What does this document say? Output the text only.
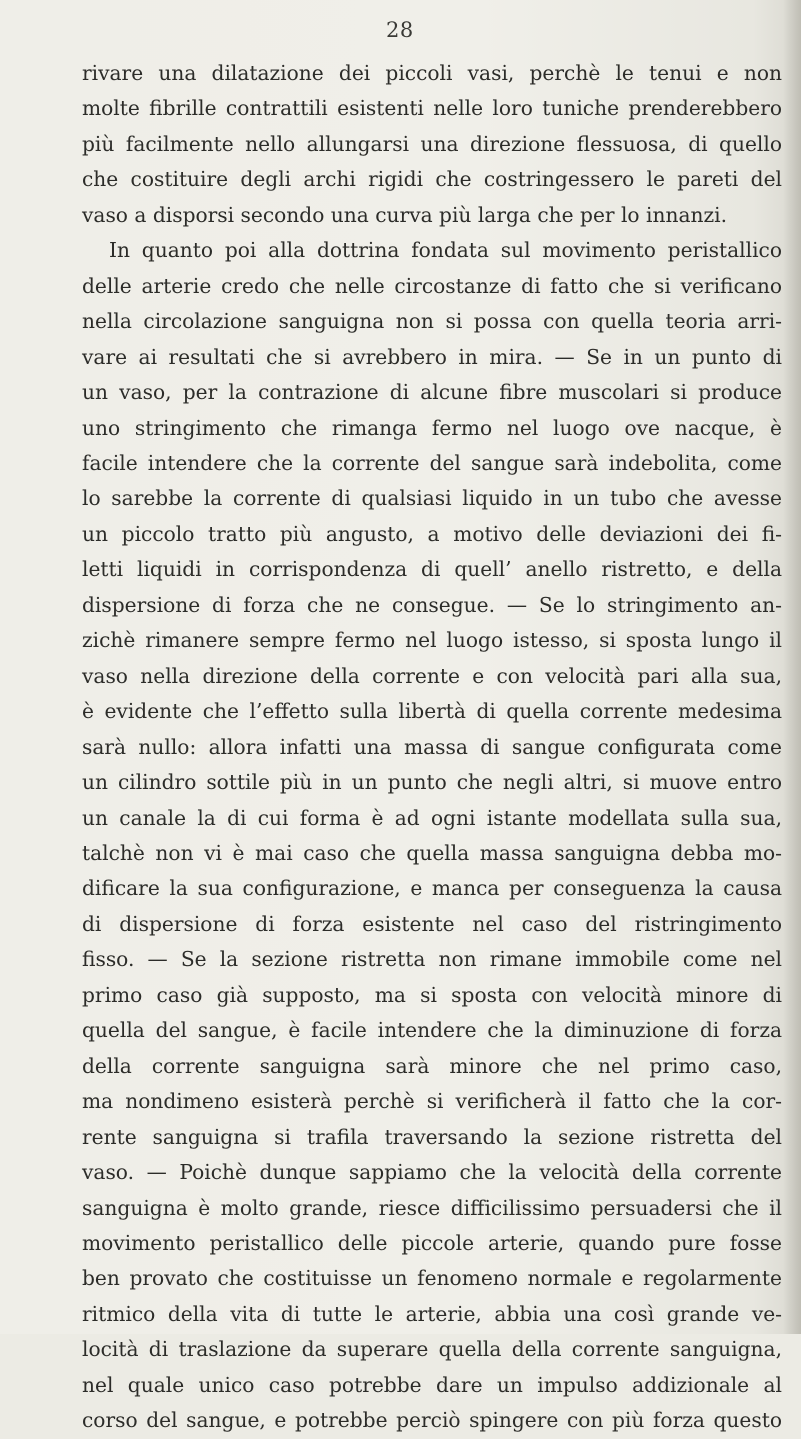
28
rivare una dilatazione dei piccoli vasi, perchè le tenui e non
molte fibrille contrattili esistenti nelle loro tuniche prenderebbero
più facilmente nello allungarsi una direzione flessuosa, di quello
che costituire degli archi rigidi che costringessero le pareti del
vaso a disporsi secondo una curva più larga che per lo innanzi.
In quanto poi alla dottrina fondata sul movimento peristallico
delle arterie credo che nelle circostanze di fatto che si verificano
nella circolazione sanguigna non si possa con quella teoria arri-
vare ai resultati che si avrebbero in mira. — Se in un punto di
un vaso, per la contrazione di alcune fibre muscolari si produce
uno stringimento che rimanga fermo nel luogo ove nacque, è
facile intendere che la corrente del sangue sarà indebolita, come
lo sarebbe la corrente di qualsiasi liquido in un tubo che avesse
un piccolo tratto più angusto, a motivo delle deviazioni dei fi-
letti liquidi in corrispondenza di quell’ anello ristretto, e della
dispersione di forza che ne consegue. — Se lo stringimento an-
zichè rimanere sempre fermo nel luogo istesso, si sposta lungo il
vaso nella direzione della corrente e con velocità pari alla sua,
è evidente che l’effetto sulla libertà di quella corrente medesima
sarà nullo: allora infatti una massa di sangue configurata come
un cilindro sottile più in un punto che negli altri, si muove entro
un canale la di cui forma è ad ogni istante modellata sulla sua,
talchè non vi è mai caso che quella massa sanguigna debba mo-
dificare la sua configurazione, e manca per conseguenza la causa
di dispersione di forza esistente nel caso del ristringimento
fisso. — Se la sezione ristretta non rimane immobile come nel
primo caso già supposto, ma si sposta con velocità minore di
quella del sangue, è facile intendere che la diminuzione di forza
della corrente sanguigna sarà minore che nel primo caso,
ma nondimeno esisterà perchè si verificherà il fatto che la cor-
rente sanguigna si trafila traversando la sezione ristretta del
vaso. — Poichè dunque sappiamo che la velocità della corrente
sanguigna è molto grande, riesce difficilissimo persuadersi che il
movimento peristallico delle piccole arterie, quando pure fosse
ben provato che costituisse un fenomeno normale e regolarmente
ritmico della vita di tutte le arterie, abbia una così grande ve-
locità di traslazione da superare quella della corrente sanguigna,
nel quale unico caso potrebbe dare un impulso addizionale al
corso del sangue, e potrebbe perciò spingere con più forza questo
